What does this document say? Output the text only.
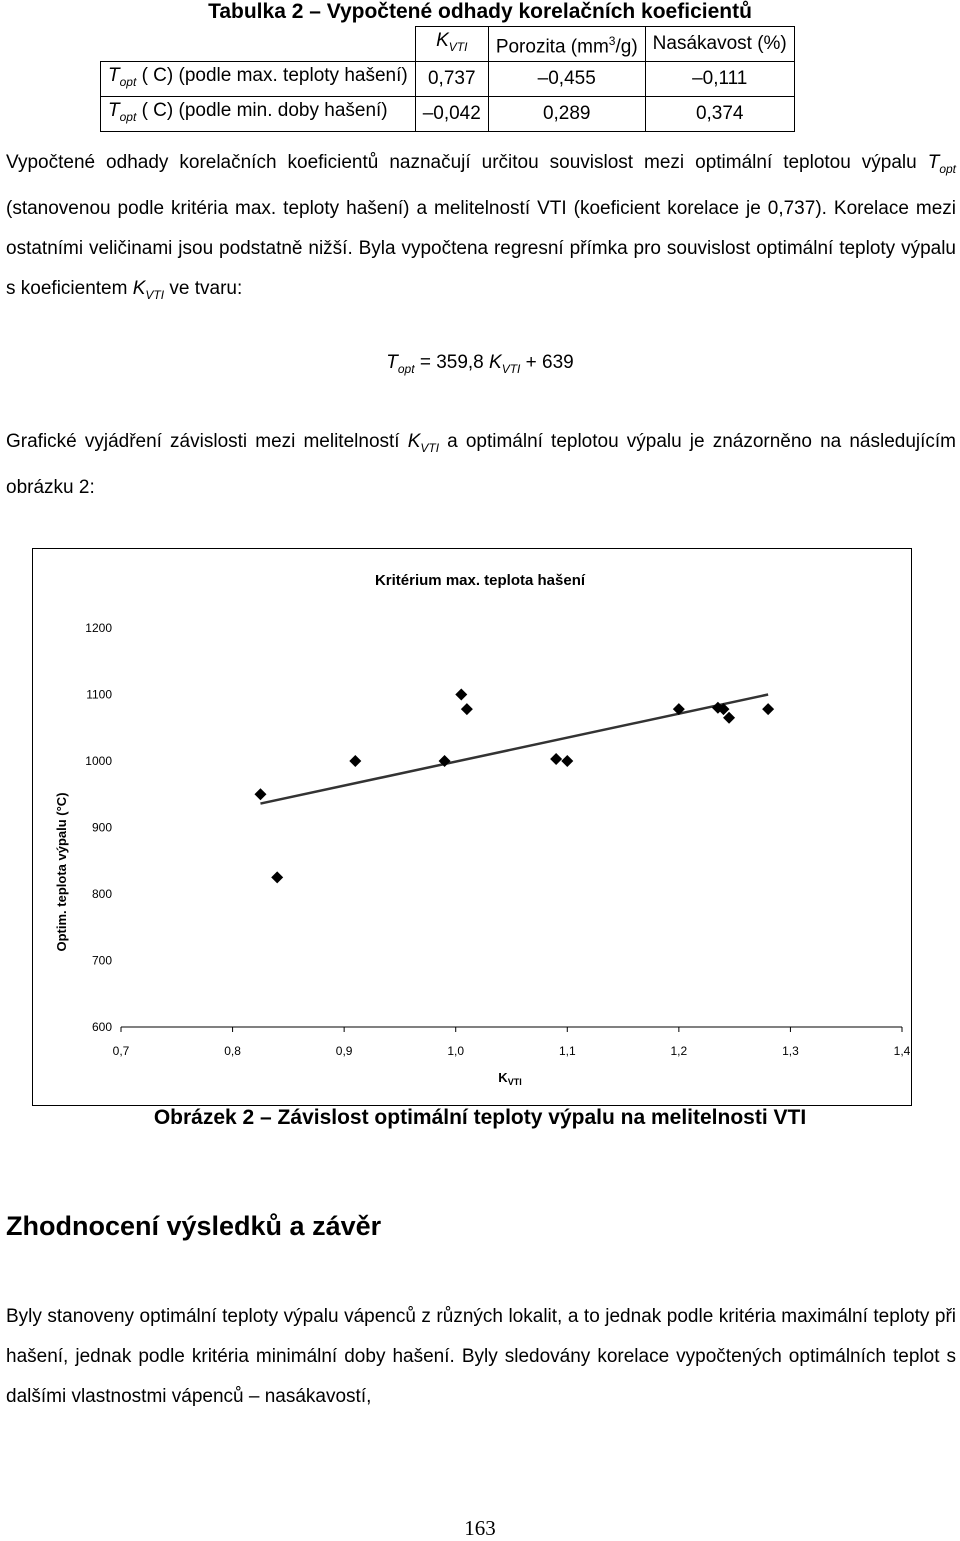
Tabulka 2 – Vypočtené odhady korelačních koeficientů
	$K_{VTI}$	Porozita $(mm^3/g)$	Nasákavost (%)
$T_{opt}$ ( C) (podle max. teploty hašení)	0,737	–0,455	–0,111
$T_{opt}$ ( C) (podle min. doby hašení)	–0,042	0,289	0,374
Vypočtené odhady korelačních koeficientů naznačují určitou souvislost mezi optimální teplotou výpalu $T_{opt}$ (stanovenou podle kritéria max. teploty hašení) a melitelností VTI (koeficient korelace je 0,737). Korelace mezi ostatními veličinami jsou podstatně nižší. Byla vypočtena regresní přímka pro souvislost optimální teploty výpalu s koeficientem $K_{VTI}$ ve tvaru:
$T_{opt} = 359,8$ $K_{VTI} + 639$
Grafické vyjádření závislosti mezi melitelností $K_{VTI}$ a optimální teplotou výpalu je znázorněno na následujícím obrázku 2:
Kritérium max. teplota hašení
Optim. teplota výpalu (°C)
$K_{VTI}$
600
700
800
900
1000
1100
1200
0,7	0,8	0,9	1,0	1,1	1,2	1,3	1,4
Obrázek 2 – Závislost optimální teploty výpalu na melitelnosti VTI
Zhodnocení výsledků a závěr
Byly stanoveny optimální teploty výpalu vápenců z různých lokalit, a to jednak podle kritéria maximální teploty při hašení, jednak podle kritéria minimální doby hašení. Byly sledovány korelace vypočtených optimálních teplot s dalšími vlastnostmi vápenců – nasákavostí,
163
